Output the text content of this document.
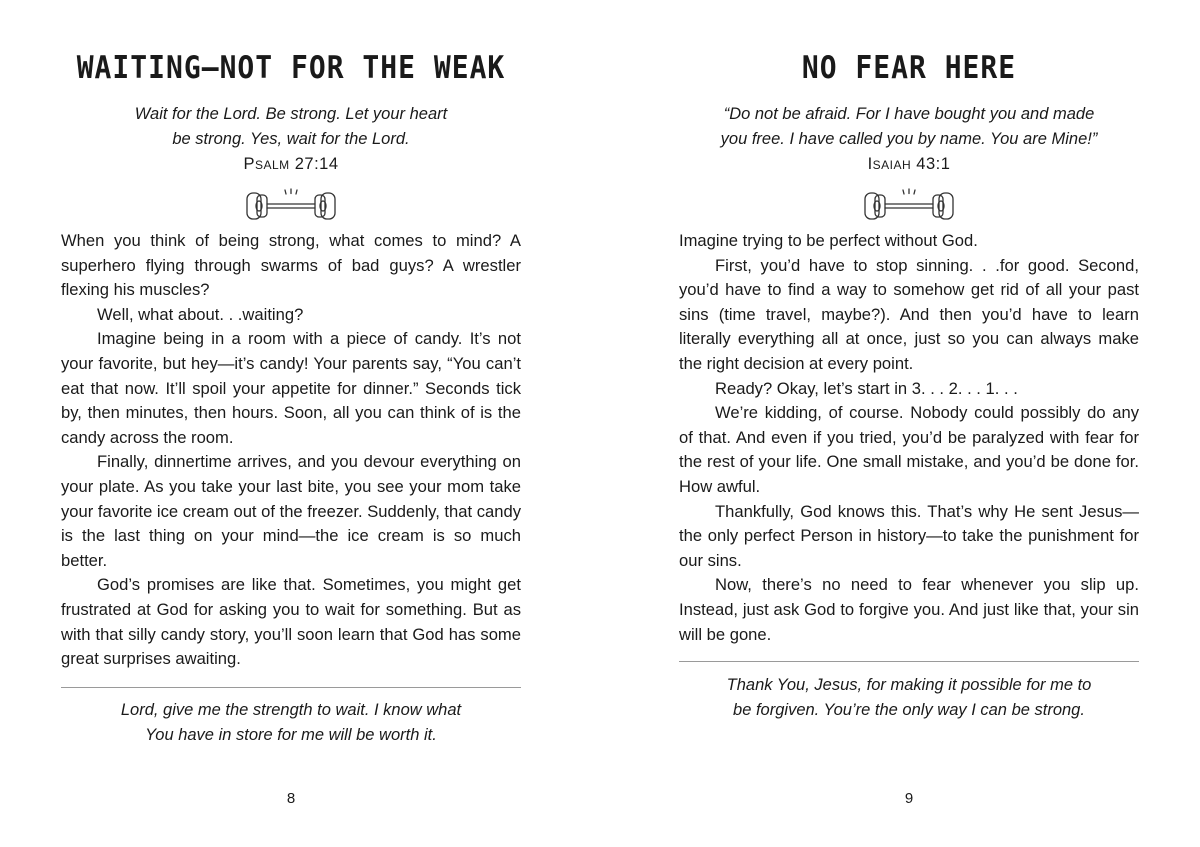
WAITING—NOT FOR THE WEAK
Wait for the Lord. Be strong. Let your heart
be strong. Yes, wait for the Lord.
Psalm 27:14

When you think of being strong, what comes to mind? A superhero flying through swarms of bad guys? A wrestler flexing his muscles?

Well, what about. . .waiting?

Imagine being in a room with a piece of candy. It’s not your favorite, but hey—it’s candy! Your parents say, “You can’t eat that now. It’ll spoil your appetite for dinner.” Seconds tick by, then minutes, then hours. Soon, all you can think of is the candy across the room.

Finally, dinnertime arrives, and you devour everything on your plate. As you take your last bite, you see your mom take your favorite ice cream out of the freezer. Suddenly, that candy is the last thing on your mind—the ice cream is so much better.

God’s promises are like that. Sometimes, you might get frustrated at God for asking you to wait for something. But as with that silly candy story, you’ll soon learn that God has some great surprises awaiting.

Lord, give me the strength to wait. I know what
You have in store for me will be worth it.
8
NO FEAR HERE
“Do not be afraid. For I have bought you and made
you free. I have called you by name. You are Mine!”
Isaiah 43:1

Imagine trying to be perfect without God.

First, you’d have to stop sinning. . .for good. Second, you’d have to find a way to somehow get rid of all your past sins (time travel, maybe?). And then you’d have to learn literally everything all at once, just so you can always make the right decision at every point.

Ready? Okay, let’s start in 3. . . 2. . . 1. . .

We’re kidding, of course. Nobody could possibly do any of that. And even if you tried, you’d be paralyzed with fear for the rest of your life. One small mistake, and you’d be done for. How awful.

Thankfully, God knows this. That’s why He sent Jesus—the only perfect Person in history—to take the punishment for our sins.

Now, there’s no need to fear whenever you slip up. Instead, just ask God to forgive you. And just like that, your sin will be gone.

Thank You, Jesus, for making it possible for me to
be forgiven. You’re the only way I can be strong.
9
